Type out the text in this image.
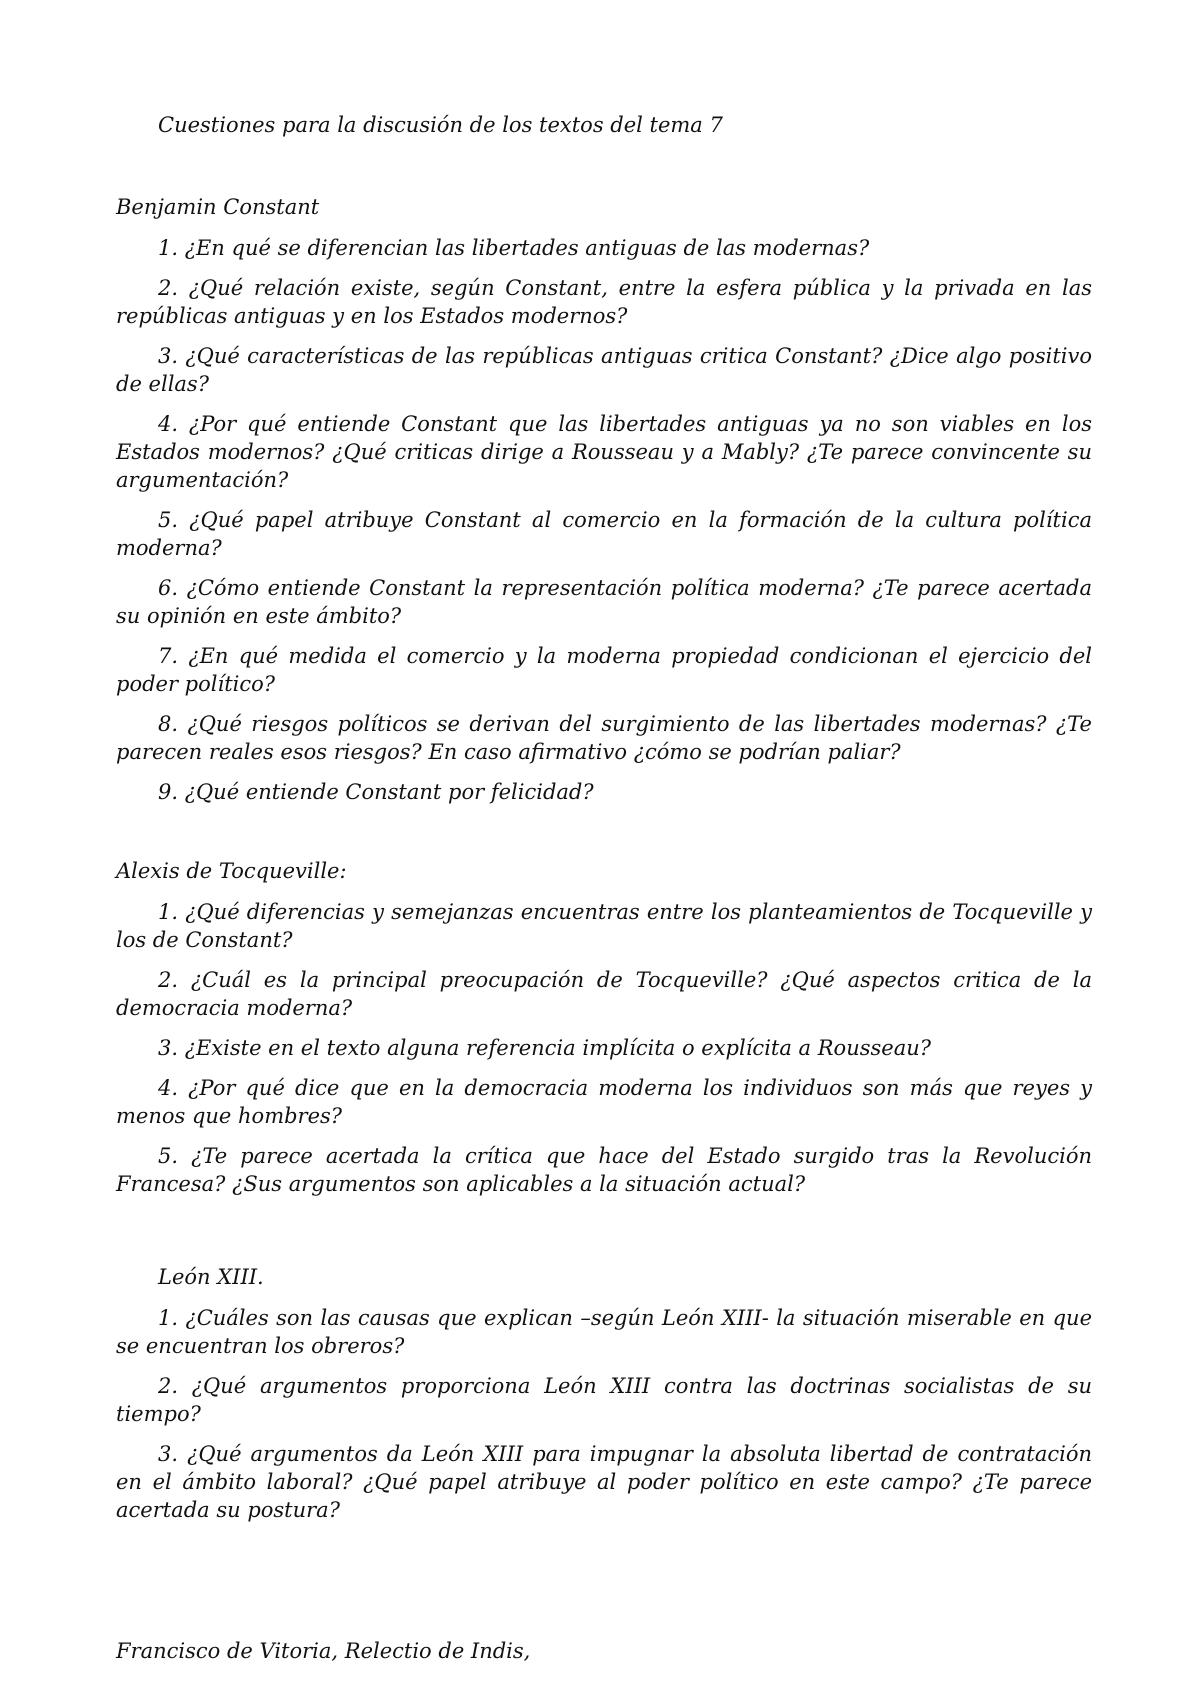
Cuestiones para la discusión de los textos del tema 7
Benjamin Constant

1. ¿En qué se diferencian las libertades antiguas de las modernas?

2. ¿Qué relación existe, según Constant, entre la esfera pública y la privada en las repúblicas antiguas y en los Estados modernos?

3. ¿Qué características de las repúblicas antiguas critica Constant? ¿Dice algo positivo de ellas?

4. ¿Por qué entiende Constant que las libertades antiguas ya no son viables en los Estados modernos? ¿Qué criticas dirige a Rousseau y a Mably? ¿Te parece convincente su argumentación?

5. ¿Qué papel atribuye Constant al comercio en la formación de la cultura política moderna?

6. ¿Cómo entiende Constant la representación política moderna? ¿Te parece acertada su opinión en este ámbito?

7. ¿En qué medida el comercio y la moderna propiedad condicionan el ejercicio del poder político?

8. ¿Qué riesgos políticos se derivan del surgimiento de las libertades modernas? ¿Te parecen reales esos riesgos? En caso afirmativo ¿cómo se podrían paliar?

9. ¿Qué entiende Constant por felicidad?

Alexis de Tocqueville:

1. ¿Qué diferencias y semejanzas encuentras entre los planteamientos de Tocqueville y los de Constant?

2. ¿Cuál es la principal preocupación de Tocqueville? ¿Qué aspectos critica de la democracia moderna?

3. ¿Existe en el texto alguna referencia implícita o explícita a Rousseau?

4. ¿Por qué dice que en la democracia moderna los individuos son más que reyes y menos que hombres?

5. ¿Te parece acertada la crítica que hace del Estado surgido tras la Revolución Francesa? ¿Sus argumentos son aplicables a la situación actual?

León XIII.

1. ¿Cuáles son las causas que explican –según León XIII- la situación miserable en que se encuentran los obreros?

2. ¿Qué argumentos proporciona León XIII contra las doctrinas socialistas de su tiempo?

3. ¿Qué argumentos da León XIII para impugnar la absoluta libertad de contratación en el ámbito laboral? ¿Qué papel atribuye al poder político en este campo? ¿Te parece acertada su postura?

Francisco de Vitoria, Relectio de Indis,
